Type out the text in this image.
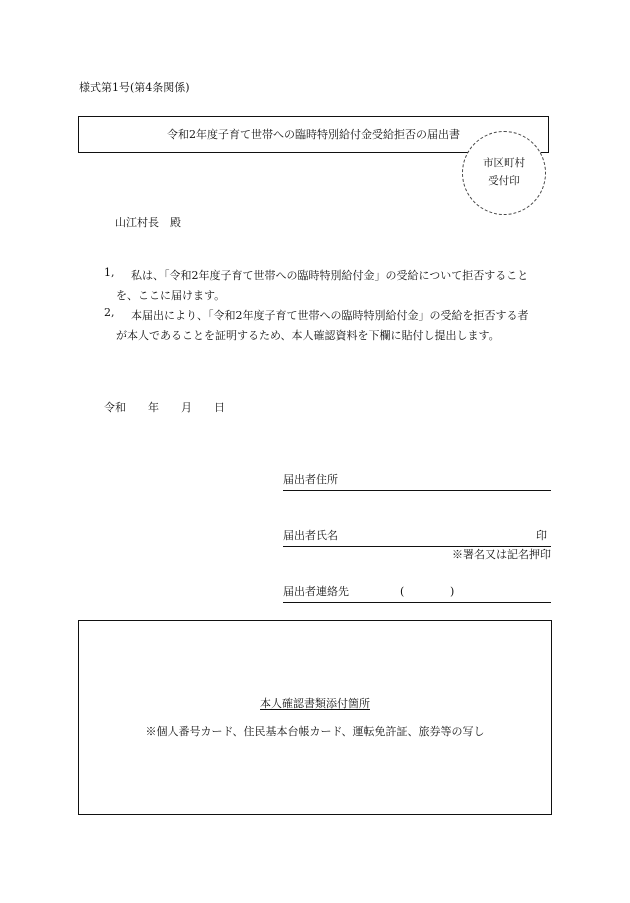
様式第1号(第4条関係)
令和2年度子育て世帯への臨時特別給付金受給拒否の届出書
市区町村
受付印
山江村長　殿
1,	私は、「令和2年度子育て世帯への臨時特別給付金」の受給について拒否することを、ここに届けます。
2,	本届出により、「令和2年度子育て世帯への臨時特別給付金」の受給を拒否する者が本人であることを証明するため、本人確認資料を下欄に貼付し提出します。
令和 年 月 日
届出者住所
届出者氏名	印
※署名又は記名押印
届出者連絡先	(	)
本人確認書類添付箇所
※個人番号カード、住民基本台帳カード、運転免許証、旅券等の写し
